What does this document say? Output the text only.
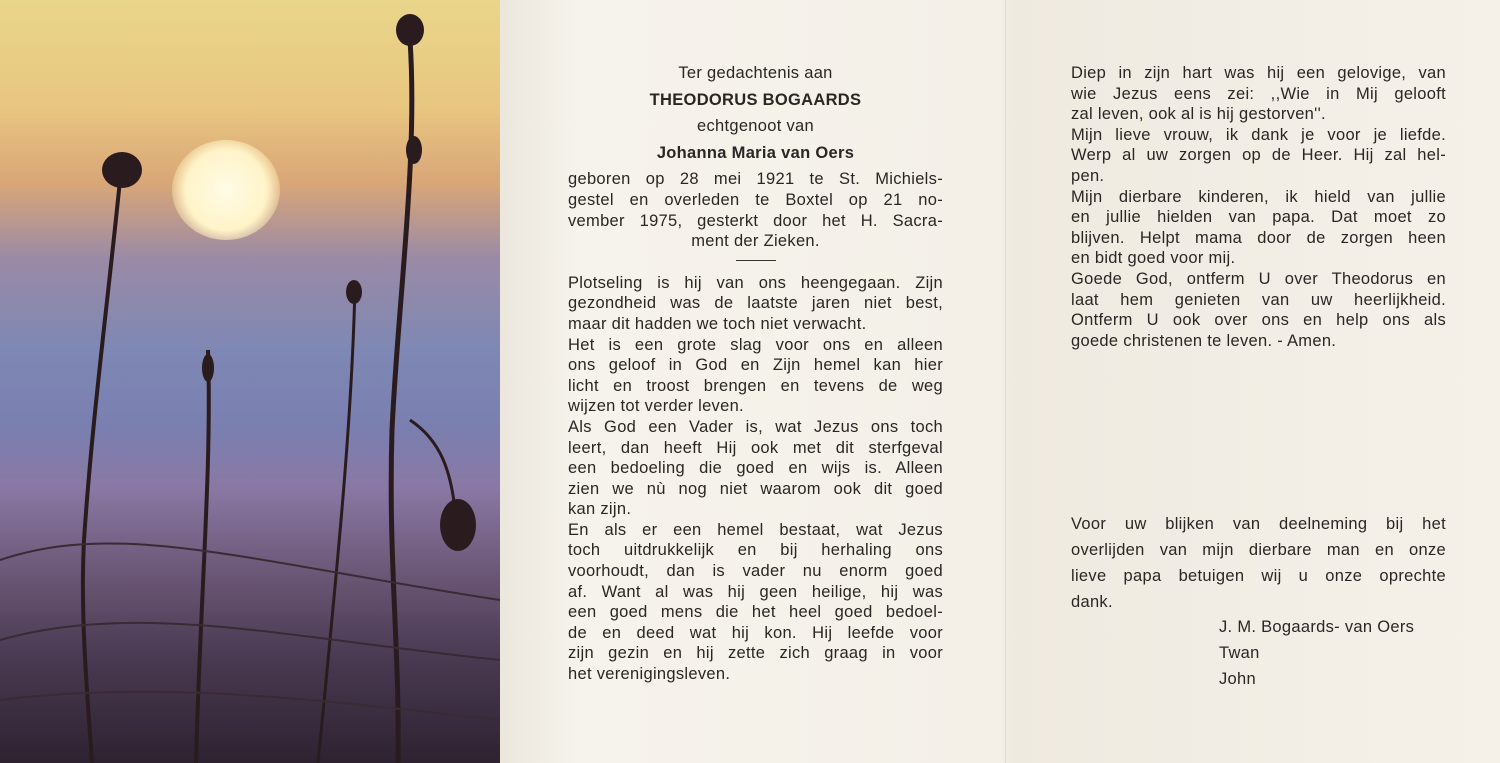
Ter gedachtenis aan
THEODORUS BOGAARDS
echtgenoot van
Johanna Maria van Oers
geboren op 28 mei 1921 te St. Michiels-
gestel en overleden te Boxtel op 21 no-
vember 1975, gesterkt door het H. Sacra-
ment der Zieken.
Plotseling is hij van ons heengegaan. Zijn
gezondheid was de laatste jaren niet best,
maar dit hadden we toch niet verwacht.
Het is een grote slag voor ons en alleen
ons geloof in God en Zijn hemel kan hier
licht en troost brengen en tevens de weg
wijzen tot verder leven.
Als God een Vader is, wat Jezus ons toch
leert, dan heeft Hij ook met dit sterfgeval
een bedoeling die goed en wijs is. Alleen
zien we nù nog niet waarom ook dit goed
kan zijn.
En als er een hemel bestaat, wat Jezus
toch uitdrukkelijk en bij herhaling ons
voorhoudt, dan is vader nu enorm goed
af. Want al was hij geen heilige, hij was
een goed mens die het heel goed bedoel-
de en deed wat hij kon. Hij leefde voor
zijn gezin en hij zette zich graag in voor
het verenigingsleven.
Diep in zijn hart was hij een gelovige, van
wie Jezus eens zei: ,,Wie in Mij gelooft
zal leven, ook al is hij gestorven''.
Mijn lieve vrouw, ik dank je voor je liefde.
Werp al uw zorgen op de Heer. Hij zal hel-
pen.
Mijn dierbare kinderen, ik hield van jullie
en jullie hielden van papa. Dat moet zo
blijven. Helpt mama door de zorgen heen
en bidt goed voor mij.
Goede God, ontferm U over Theodorus en
laat hem genieten van uw heerlijkheid.
Ontferm U ook over ons en help ons als
goede christenen te leven. - Amen.
Voor uw blijken van deelneming bij het
overlijden van mijn dierbare man en onze
lieve papa betuigen wij u onze oprechte
dank.
J. M. Bogaards- van Oers
Twan
John
